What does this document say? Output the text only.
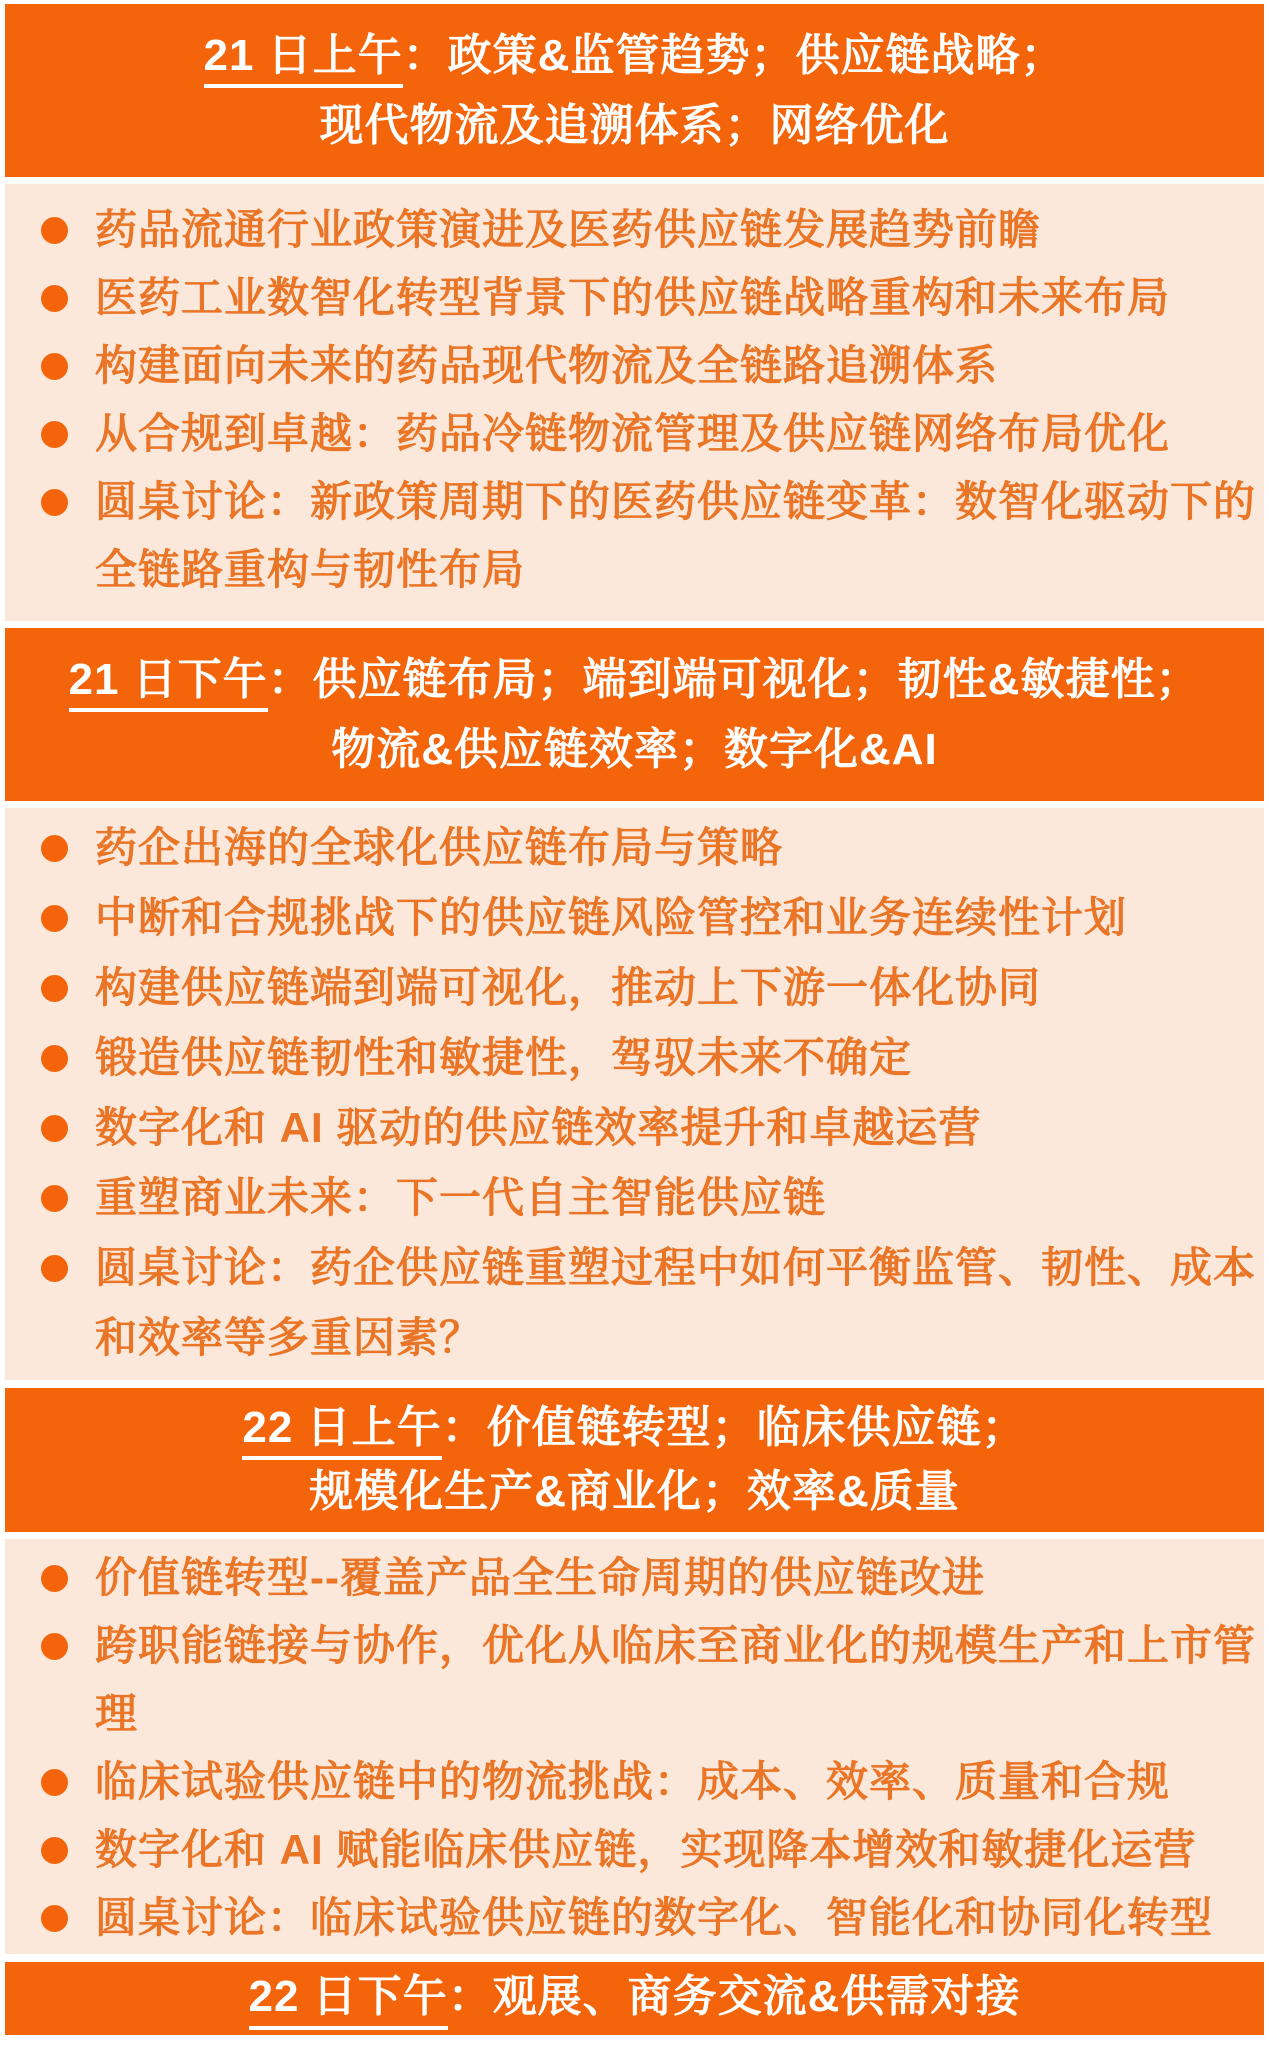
21 日上午：政策&监管趋势；供应链战略；
现代物流及追溯体系；网络优化
药品流通行业政策演进及医药供应链发展趋势前瞻
医药工业数智化转型背景下的供应链战略重构和未来布局
构建面向未来的药品现代物流及全链路追溯体系
从合规到卓越：药品冷链物流管理及供应链网络布局优化
圆桌讨论：新政策周期下的医药供应链变革：数智化驱动下的全链路重构与韧性布局
21 日下午：供应链布局；端到端可视化；韧性&敏捷性；
物流&供应链效率；数字化&AI
药企出海的全球化供应链布局与策略
中断和合规挑战下的供应链风险管控和业务连续性计划
构建供应链端到端可视化，推动上下游一体化协同
锻造供应链韧性和敏捷性，驾驭未来不确定
数字化和 AI 驱动的供应链效率提升和卓越运营
重塑商业未来：下一代自主智能供应链
圆桌讨论：药企供应链重塑过程中如何平衡监管、韧性、成本和效率等多重因素？
22 日上午：价值链转型；临床供应链；
规模化生产&商业化；效率&质量
价值链转型--覆盖产品全生命周期的供应链改进
跨职能链接与协作，优化从临床至商业化的规模生产和上市管理
临床试验供应链中的物流挑战：成本、效率、质量和合规
数字化和 AI 赋能临床供应链，实现降本增效和敏捷化运营
圆桌讨论：临床试验供应链的数字化、智能化和协同化转型
22 日下午：观展、商务交流&供需对接
